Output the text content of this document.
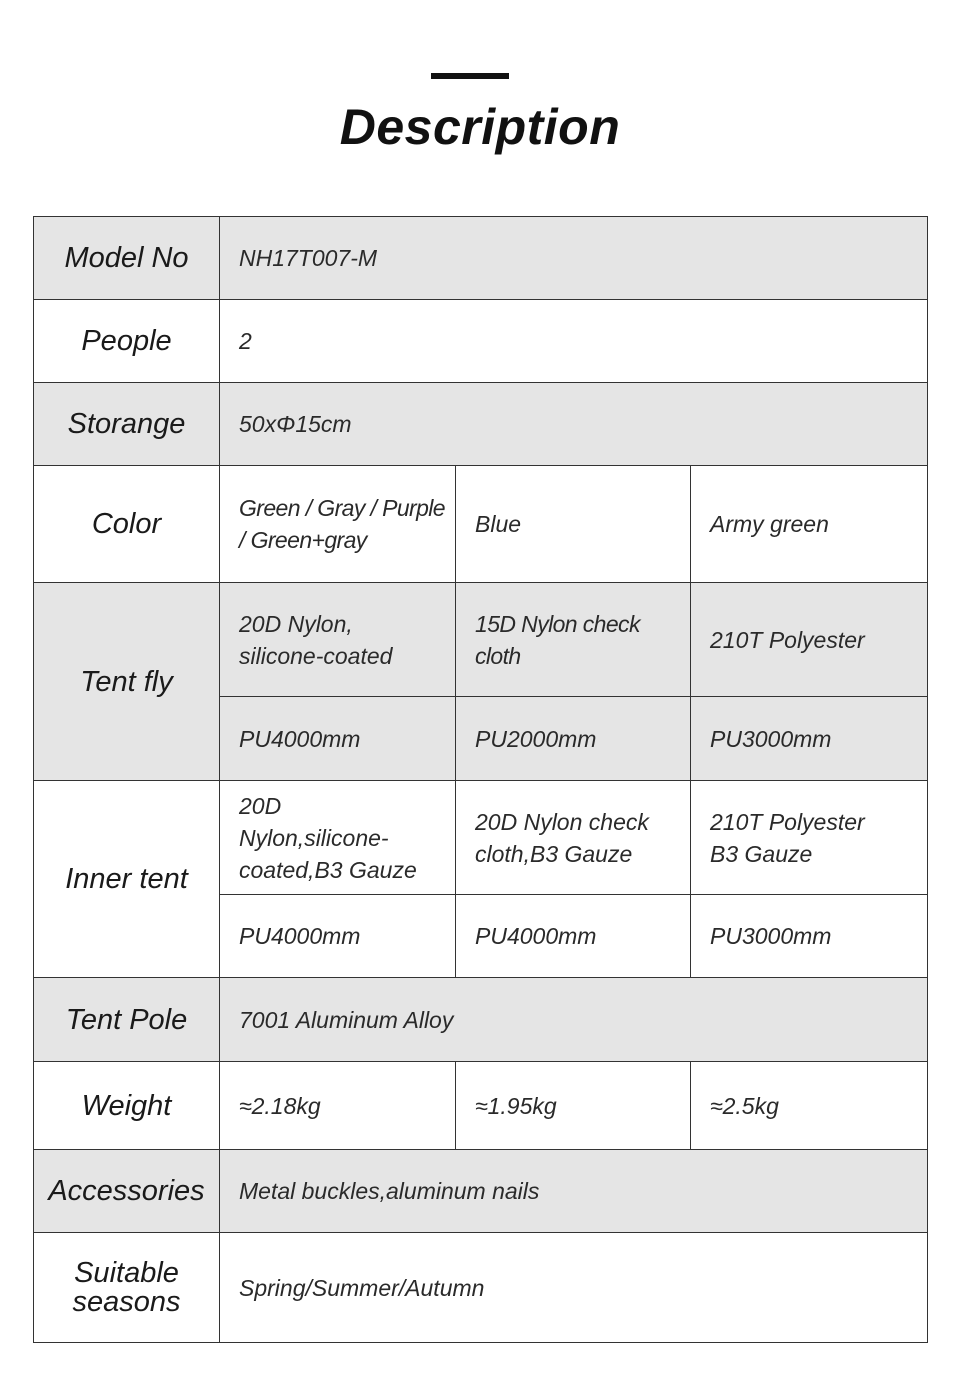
Description
Model No	NH17T007-M		
People	2		
Storange	50xΦ15cm		
Color	Green / Gray / Purple / Green+gray	Blue	Army green
Tent fly	20D Nylon, silicone-coated	15D Nylon check cloth	210T Polyester
	PU4000mm	PU2000mm	PU3000mm
Inner tent	20D Nylon,silicone-coated,B3 Gauze	20D Nylon check cloth,B3 Gauze	210T Polyester B3 Gauze
	PU4000mm	PU4000mm	PU3000mm
Tent Pole	7001 Aluminum Alloy		
Weight	≈2.18kg	≈1.95kg	≈2.5kg
Accessories	Metal buckles,aluminum nails		
Suitable seasons	Spring/Summer/Autumn		
